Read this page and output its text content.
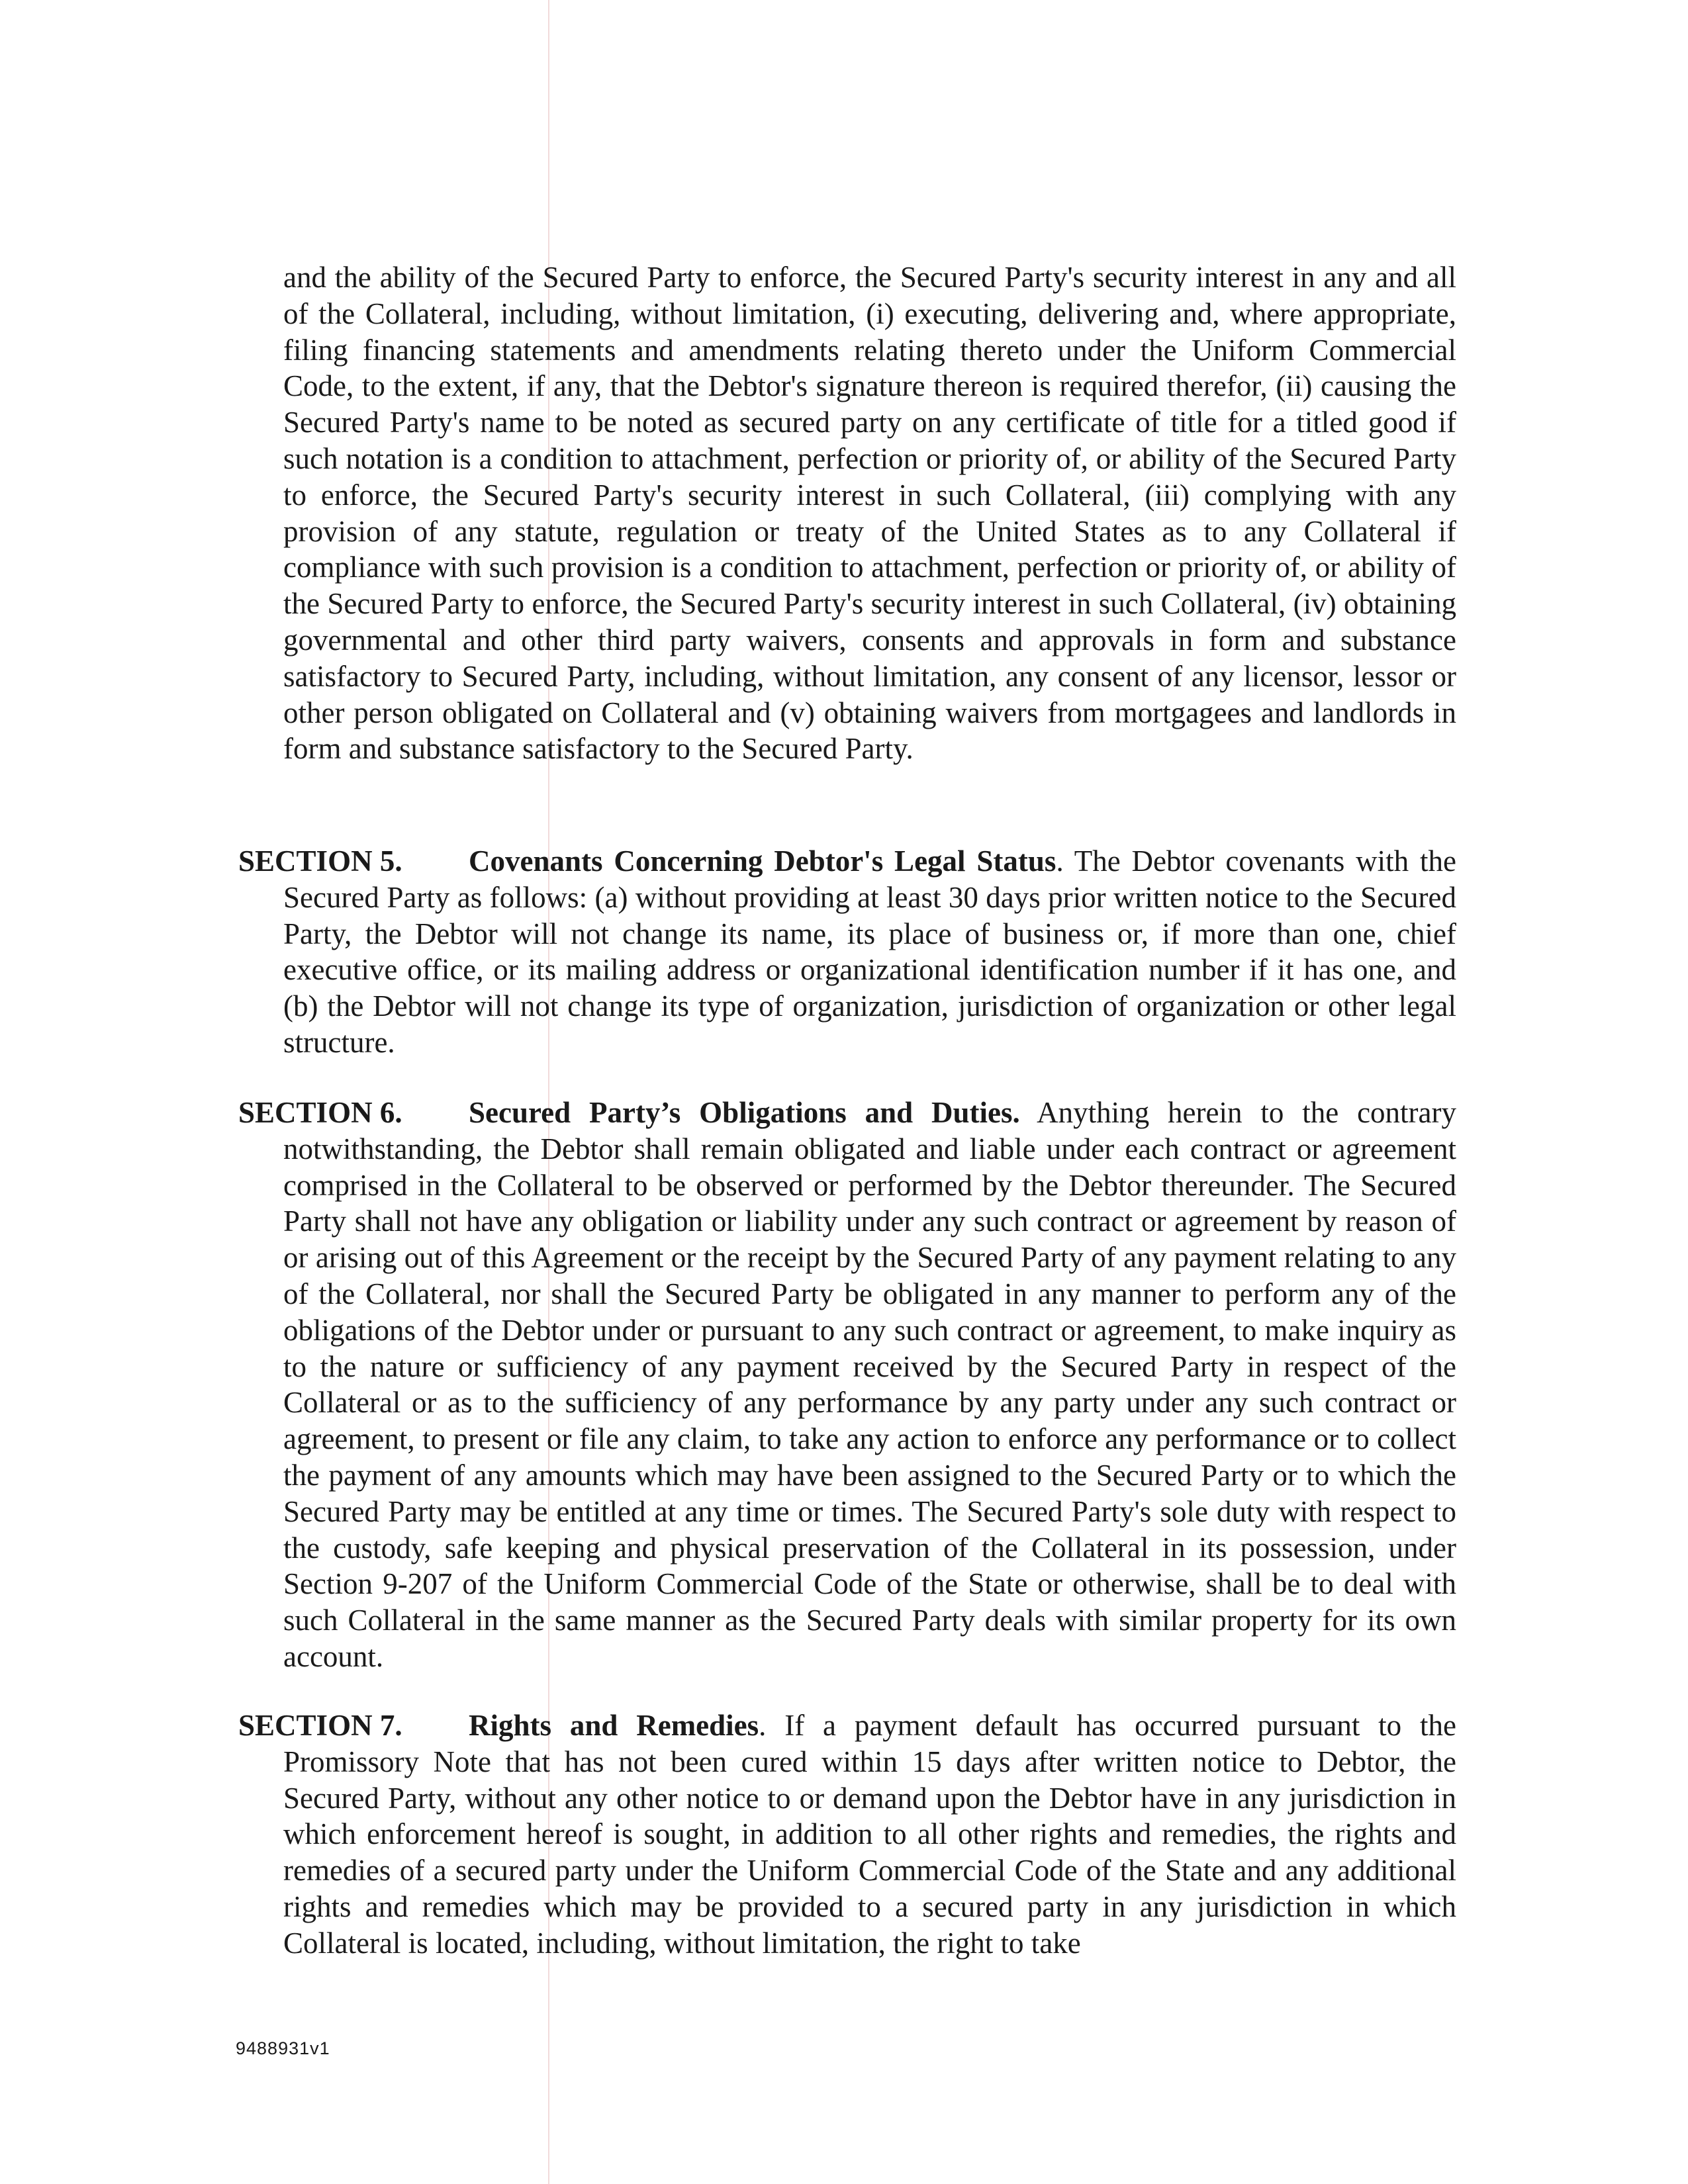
and the ability of the Secured Party to enforce, the Secured Party's security interest in any and all of the Collateral, including, without limitation, (i) executing, delivering and, where appropriate, filing financing statements and amendments relating thereto under the Uniform Commercial Code, to the extent, if any, that the Debtor's signature thereon is required therefor, (ii) causing the Secured Party's name to be noted as secured party on any certificate of title for a titled good if such notation is a condition to attachment, perfection or priority of, or ability of the Secured Party to enforce, the Secured Party's security interest in such Collateral, (iii) complying with any provision of any statute, regulation or treaty of the United States as to any Collateral if compliance with such provision is a condition to attachment, perfection or priority of, or ability of the Secured Party to enforce, the Secured Party's security interest in such Collateral, (iv) obtaining governmental and other third party waivers, consents and approvals in form and substance satisfactory to Secured Party, including, without limitation, any consent of any licensor, lessor or other person obligated on Collateral and (v) obtaining waivers from mortgagees and landlords in form and substance satisfactory to the Secured Party.

SECTION 5. Covenants Concerning Debtor's Legal Status. The Debtor covenants with the Secured Party as follows: (a) without providing at least 30 days prior written notice to the Secured Party, the Debtor will not change its name, its place of business or, if more than one, chief executive office, or its mailing address or organizational identification number if it has one, and (b) the Debtor will not change its type of organization, jurisdiction of organization or other legal structure.

SECTION 6. Secured Party’s Obligations and Duties. Anything herein to the contrary notwithstanding, the Debtor shall remain obligated and liable under each contract or agreement comprised in the Collateral to be observed or performed by the Debtor thereunder. The Secured Party shall not have any obligation or liability under any such contract or agreement by reason of or arising out of this Agreement or the receipt by the Secured Party of any payment relating to any of the Collateral, nor shall the Secured Party be obligated in any manner to perform any of the obligations of the Debtor under or pursuant to any such contract or agreement, to make inquiry as to the nature or sufficiency of any payment received by the Secured Party in respect of the Collateral or as to the sufficiency of any performance by any party under any such contract or agreement, to present or file any claim, to take any action to enforce any performance or to collect the payment of any amounts which may have been assigned to the Secured Party or to which the Secured Party may be entitled at any time or times. The Secured Party's sole duty with respect to the custody, safe keeping and physical preservation of the Collateral in its possession, under Section 9-207 of the Uniform Commercial Code of the State or otherwise, shall be to deal with such Collateral in the same manner as the Secured Party deals with similar property for its own account.

SECTION 7. Rights and Remedies. If a payment default has occurred pursuant to the Promissory Note that has not been cured within 15 days after written notice to Debtor, the Secured Party, without any other notice to or demand upon the Debtor have in any jurisdiction in which enforcement hereof is sought, in addition to all other rights and remedies, the rights and remedies of a secured party under the Uniform Commercial Code of the State and any additional rights and remedies which may be provided to a secured party in any jurisdiction in which Collateral is located, including, without limitation, the right to take

9488931v1
